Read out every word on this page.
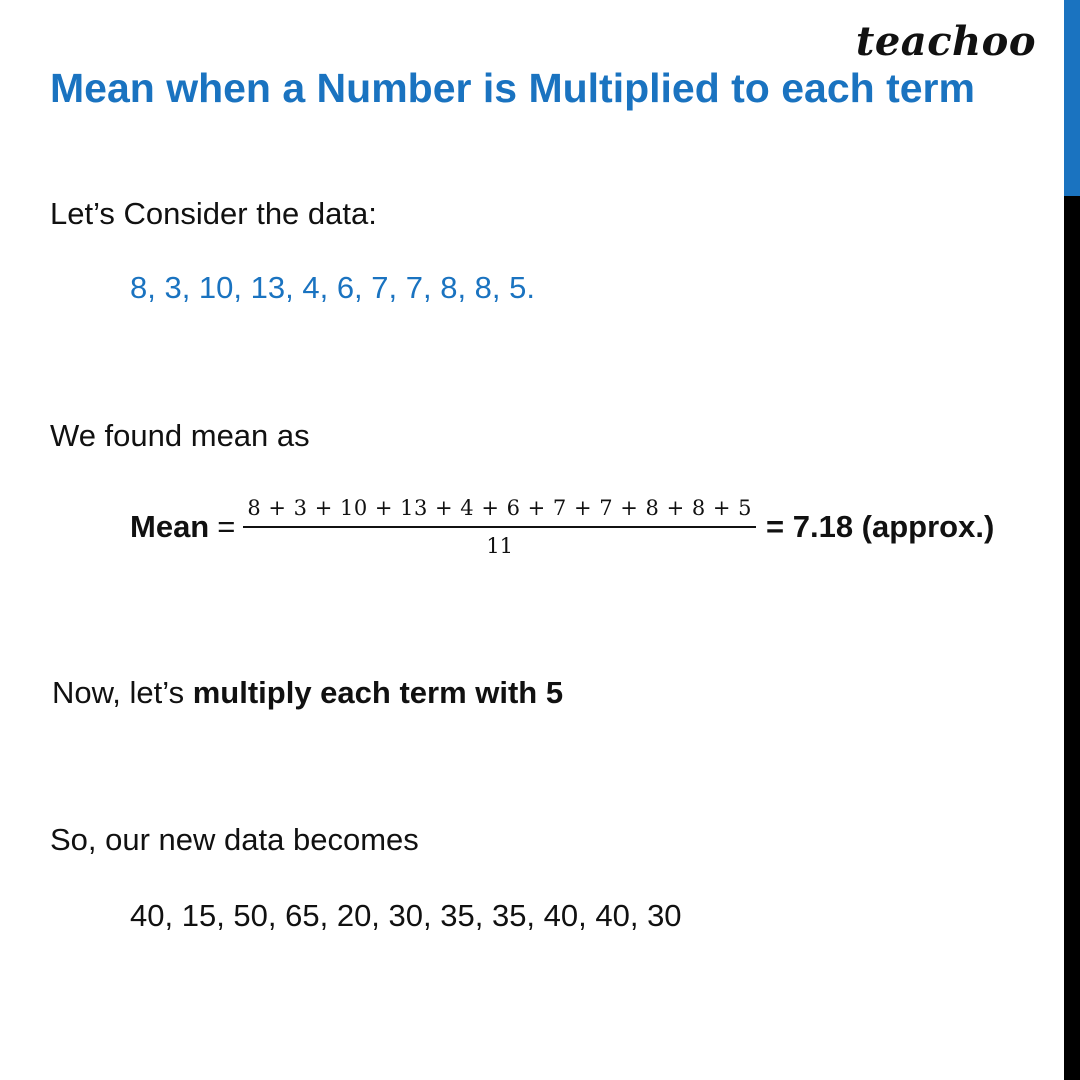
teachoo
Mean when a Number is Multiplied to each term

Let’s Consider the data:

8, 3, 10, 13, 4, 6, 7, 7, 8, 8, 5.

We found mean as

Mean = $\frac{8 + 3 + 10 + 13 + 4 + 6 + 7 + 7 + 8 + 8 + 5}{11} = 7.18$ (approx.)

Now, let’s multiply each term with 5

So, our new data becomes

40, 15, 50, 65, 20, 30, 35, 35, 40, 40, 30
